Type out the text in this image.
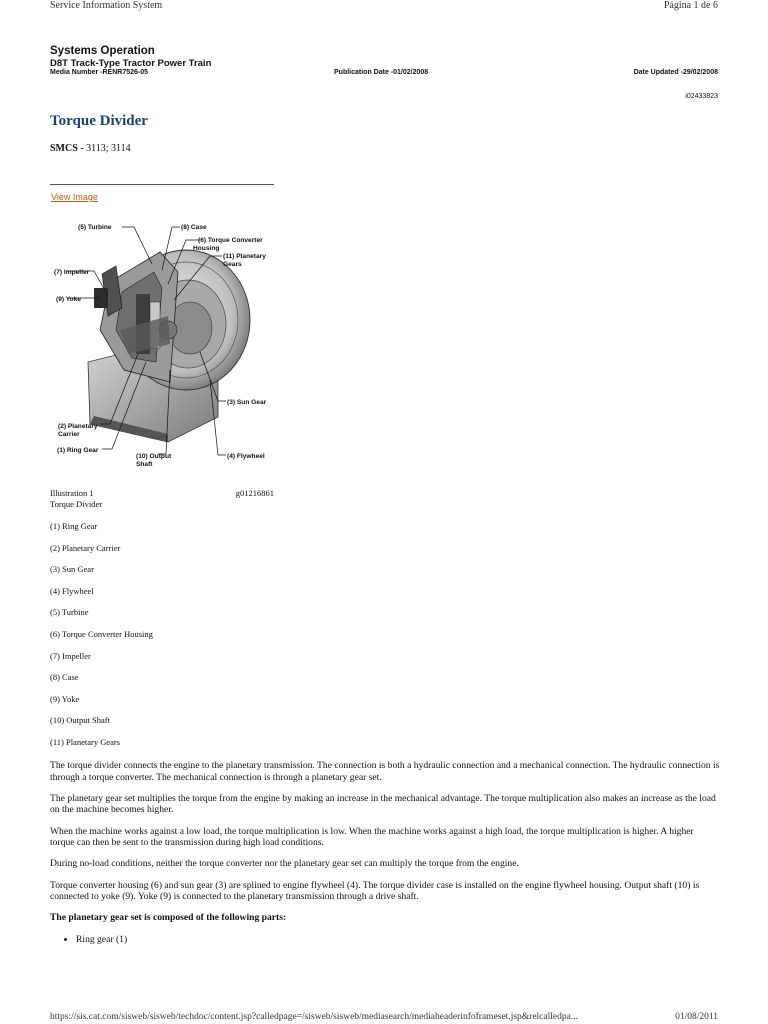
Service Information System	Página 1 de 6
Systems Operation
D8T Track-Type Tractor Power Train
Media Number -RENR7526-05	Publication Date -01/02/2008	Date Updated -29/02/2008
i02433823
Torque Divider
SMCS - 3113; 3114
View Image
(5) Turbine	(8) Case
(6) Torque Converter
Housing
(11) Planetary
Gears
(7) Impeller
(9) Yoke
(3) Sun Gear
(2) Planetary
Carrier
(1) Ring Gear
(10) Output
Shaft
(4) Flywheel
Illustration 1	g01216861
Torque Divider
(1) Ring Gear
(2) Planetary Carrier
(3) Sun Gear
(4) Flywheel
(5) Turbine
(6) Torque Converter Housing
(7) Impeller
(8) Case
(9) Yoke
(10) Output Shaft
(11) Planetary Gears

The torque divider connects the engine to the planetary transmission. The connection is both a hydraulic connection and a mechanical connection. The hydraulic connection is through a torque converter. The mechanical connection is through a planetary gear set.

The planetary gear set multiplies the torque from the engine by making an increase in the mechanical advantage. The torque multiplication also makes an increase as the load on the machine becomes higher.

When the machine works against a low load, the torque multiplication is low. When the machine works against a high load, the torque multiplication is higher. A higher torque can then be sent to the transmission during high load conditions.

During no-load conditions, neither the torque converter nor the planetary gear set can multiply the torque from the engine.

Torque converter housing (6) and sun gear (3) are splined to engine flywheel (4). The torque divider case is installed on the engine flywheel housing. Output shaft (10) is connected to yoke (9). Yoke (9) is connected to the planetary transmission through a drive shaft.

The planetary gear set is composed of the following parts:

• Ring gear (1)
https://sis.cat.com/sisweb/sisweb/techdoc/content.jsp?calledpage=/sisweb/sisweb/mediasearch/mediaheaderinfoframeset.jsp&relcalledpa...	01/08/2011
